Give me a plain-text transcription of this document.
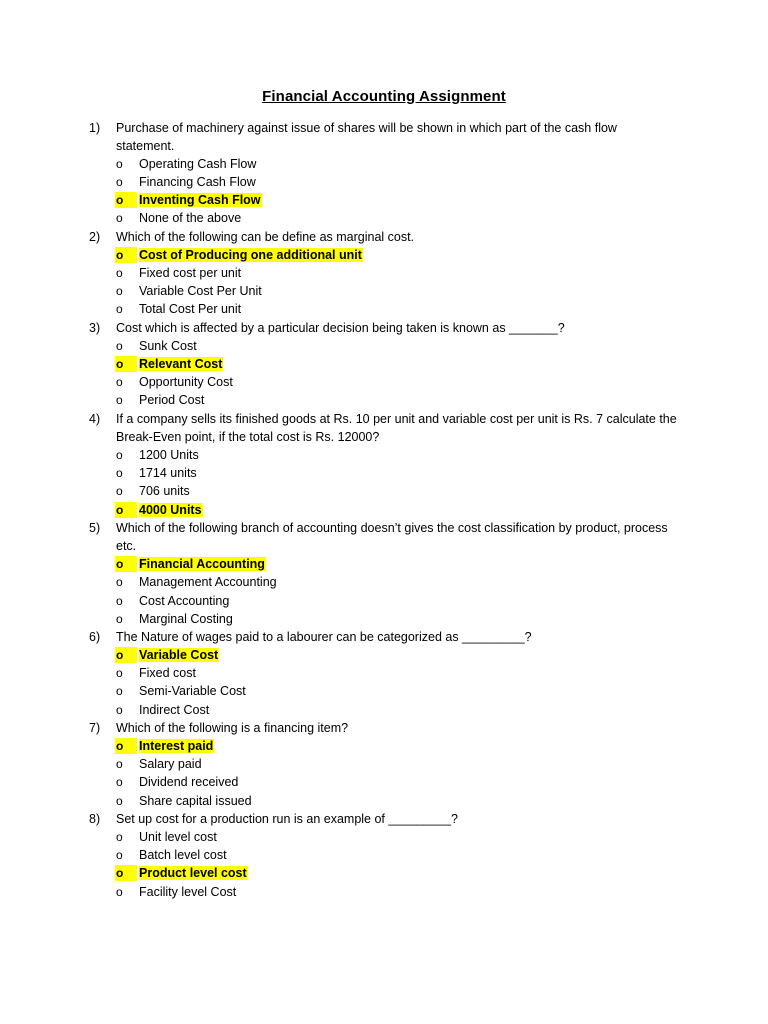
Financial Accounting Assignment
1) Purchase of machinery against issue of shares will be shown in which part of the cash flow statement.
o Operating Cash Flow
o Financing Cash Flow
o Inventing Cash Flow
o None of the above
2) Which of the following can be define as marginal cost.
o Cost of Producing one additional unit
o Fixed cost per unit
o Variable Cost Per Unit
o Total Cost Per unit
3) Cost which is affected by a particular decision being taken is known as _______?
o Sunk Cost
o Relevant Cost
o Opportunity Cost
o Period Cost
4) If a company sells its finished goods at Rs. 10 per unit and variable cost per unit is Rs. 7 calculate the Break-Even point, if the total cost is Rs. 12000?
o 1200 Units
o 1714 units
o 706 units
o 4000 Units
5) Which of the following branch of accounting doesn’t gives the cost classification by product, process etc.
o Financial Accounting
o Management Accounting
o Cost Accounting
o Marginal Costing
6) The Nature of wages paid to a labourer can be categorized as _________?
o Variable Cost
o Fixed cost
o Semi-Variable Cost
o Indirect Cost
7) Which of the following is a financing item?
o Interest paid
o Salary paid
o Dividend received
o Share capital issued
8) Set up cost for a production run is an example of _________?
o Unit level cost
o Batch level cost
o Product level cost
o Facility level Cost
